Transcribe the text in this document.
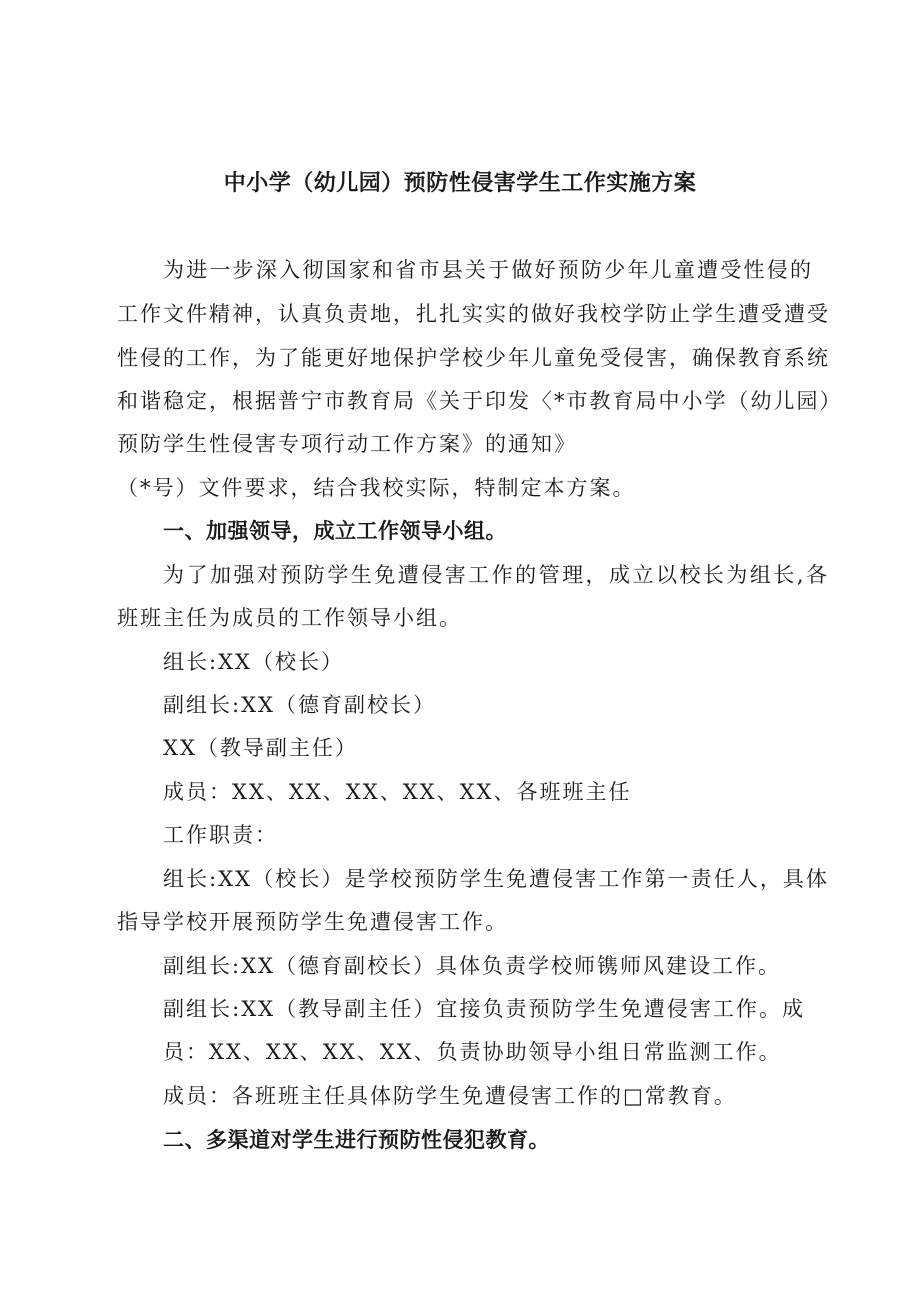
中小学（幼儿园）预防性侵害学生工作实施方案
为进一步深入彻国家和省市县关于做好预防少年儿童遭受性侵的
工作文件精神，认真负责地，扎扎实实的做好我校学防止学生遭受遭受
性侵的工作，为了能更好地保护学校少年儿童免受侵害，确保教育系统
和谐稳定，根据普宁市教育局《关于印发〈*市教育局中小学（幼儿园）
预防学生性侵害专项行动工作方案》的通知》
（*号）文件要求，结合我校实际，特制定本方案。
一、加强领导，成立工作领导小组。
为了加强对预防学生免遭侵害工作的管理，成立以校长为组长,各
班班主任为成员的工作领导小组。
组长:XX（校长）
副组长:XX（德育副校长）
XX（教导副主任）
成员：XX、XX、XX、XX、XX、各班班主任
工作职责：
组长:XX（校长）是学校预防学生免遭侵害工作第一责任人，具体
指导学校开展预防学生免遭侵害工作。
副组长:XX（德育副校长）具体负责学校师镌师风建设工作。
副组长:XX（教导副主任）宜接负责预防学生免遭侵害工作。成
员：XX、XX、XX、XX、负责协助领导小组日常监测工作。
成员：各班班主任具体防学生免遭侵害工作的□常教育。
二、多渠道对学生进行预防性侵犯教育。
